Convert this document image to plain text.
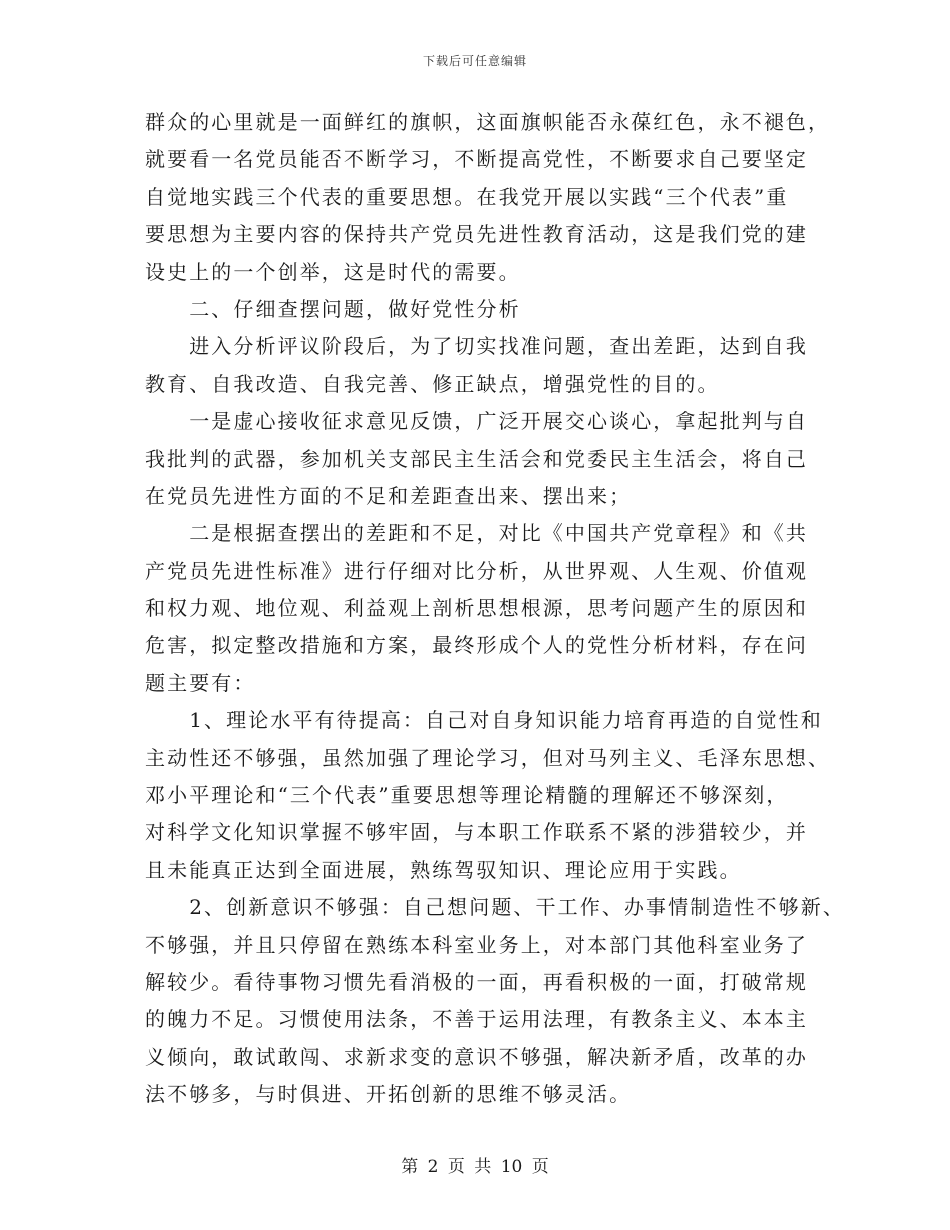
下载后可任意编辑
群众的心里就是一面鲜红的旗帜，这面旗帜能否永葆红色，永不褪色，
就要看一名党员能否不断学习，不断提高党性，不断要求自己要坚定
自觉地实践三个代表的重要思想。在我党开展以实践“三个代表”重
要思想为主要内容的保持共产党员先进性教育活动，这是我们党的建
设史上的一个创举，这是时代的需要。
　　二、仔细查摆问题，做好党性分析
　　进入分析评议阶段后，为了切实找准问题，查出差距，达到自我
教育、自我改造、自我完善、修正缺点，增强党性的目的。
　　一是虚心接收征求意见反馈，广泛开展交心谈心，拿起批判与自
我批判的武器，参加机关支部民主生活会和党委民主生活会，将自己
在党员先进性方面的不足和差距查出来、摆出来；
　　二是根据查摆出的差距和不足，对比《中国共产党章程》和《共
产党员先进性标准》进行仔细对比分析，从世界观、人生观、价值观
和权力观、地位观、利益观上剖析思想根源，思考问题产生的原因和
危害，拟定整改措施和方案，最终形成个人的党性分析材料，存在问
题主要有：
　　1、理论水平有待提高：自己对自身知识能力培育再造的自觉性和
主动性还不够强，虽然加强了理论学习，但对马列主义、毛泽东思想、
邓小平理论和“三个代表”重要思想等理论精髓的理解还不够深刻，
对科学文化知识掌握不够牢固，与本职工作联系不紧的涉猎较少，并
且未能真正达到全面进展，熟练驾驭知识、理论应用于实践。
　　2、创新意识不够强：自己想问题、干工作、办事情制造性不够新、
不够强，并且只停留在熟练本科室业务上，对本部门其他科室业务了
解较少。看待事物习惯先看消极的一面，再看积极的一面，打破常规
的魄力不足。习惯使用法条，不善于运用法理，有教条主义、本本主
义倾向，敢试敢闯、求新求变的意识不够强，解决新矛盾，改革的办
法不够多，与时俱进、开拓创新的思维不够灵活。
第 2 页 共 10 页
